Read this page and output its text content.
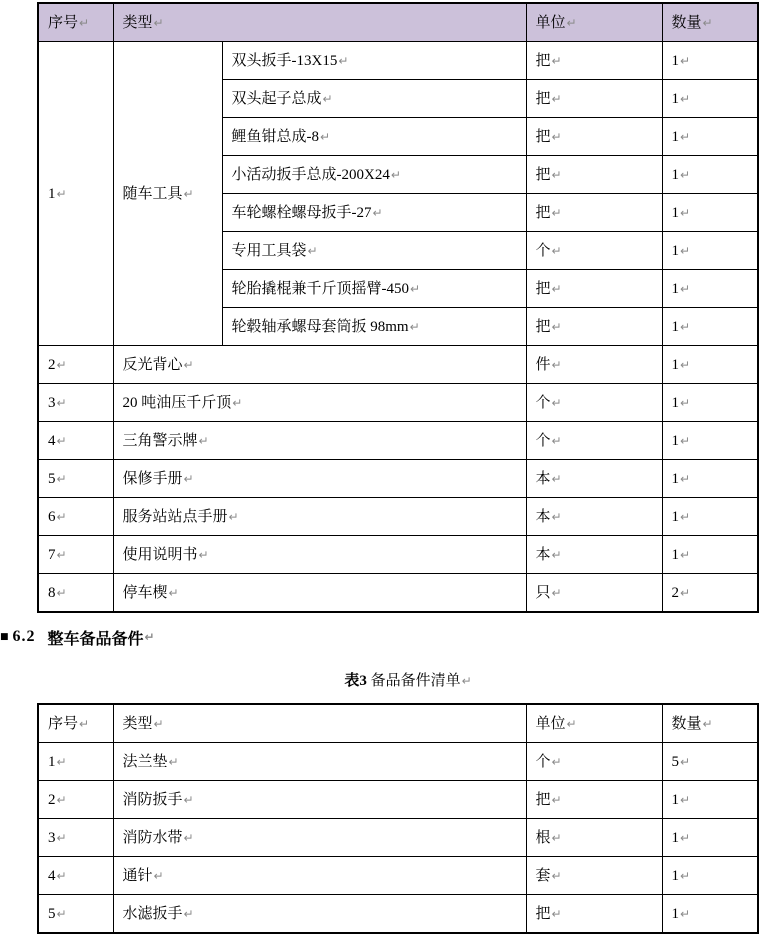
序号↵	类型↵		单位↵	数量↵
1↵	随车工具↵	双头扳手-13X15↵	把↵	1↵
		双头起子总成↵	把↵	1↵
		鲤鱼钳总成-8↵	把↵	1↵
		小活动扳手总成-200X24↵	把↵	1↵
		车轮螺栓螺母扳手-27↵	把↵	1↵
		专用工具袋↵	个↵	1↵
		轮胎撬棍兼千斤顶摇臂-450↵	把↵	1↵
		轮毂轴承螺母套筒扳 98mm↵	把↵	1↵
2↵	反光背心↵		件↵	1↵
3↵	20 吨油压千斤顶↵		个↵	1↵
4↵	三角警示牌↵		个↵	1↵
5↵	保修手册↵		本↵	1↵
6↵	服务站站点手册↵		本↵	1↵
7↵	使用说明书↵		本↵	1↵
8↵	停车楔↵		只↵	2↵
■ 6.2 整车备品备件 ↵
表3 备品备件清单↵
序号↵	类型↵	单位↵	数量↵
1↵	法兰垫↵	个↵	5↵
2↵	消防扳手↵	把↵	1↵
3↵	消防水带↵	根↵	1↵
4↵	通针↵	套↵	1↵
5↵	水滤扳手↵	把↵	1↵
